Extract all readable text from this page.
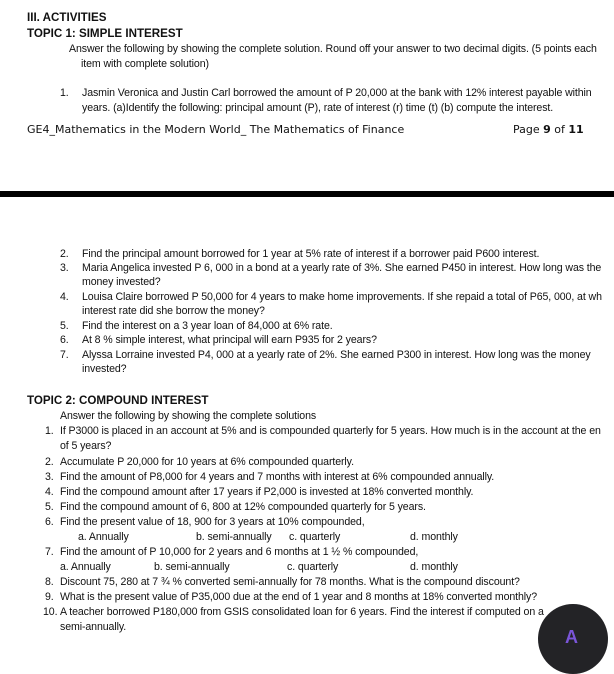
III. ACTIVITIES
TOPIC 1: SIMPLE INTEREST
Answer the following by showing the complete solution. Round off your answer to two decimal digits. (5 points each
item with complete solution)
1. Jasmin Veronica and Justin Carl borrowed the amount of P 20,000 at the bank with 12% interest payable within
years. (a)Identify the following: principal amount (P), rate of interest (r) time (t) (b) compute the interest.
GE4_Mathematics in the Modern World_ The Mathematics of Finance	Page 9 of 11
2. Find the principal amount borrowed for 1 year at 5% rate of interest if a borrower paid P600 interest.
3. Maria Angelica invested P 6, 000 in a bond at a yearly rate of 3%. She earned P450 in interest. How long was the
money invested?
4. Louisa Claire borrowed P 50,000 for 4 years to make home improvements. If she repaid a total of P65, 000, at wh
interest rate did she borrow the money?
5. Find the interest on a 3 year loan of 84,000 at 6% rate.
6. At 8 % simple interest, what principal will earn P935 for 2 years?
7. Alyssa Lorraine invested P4, 000 at a yearly rate of 2%. She earned P300 in interest. How long was the money
invested?
TOPIC 2: COMPOUND INTEREST
Answer the following by showing the complete solutions
1. If P3000 is placed in an account at 5% and is compounded quarterly for 5 years. How much is in the account at the en
of 5 years?
2. Accumulate P 20,000 for 10 years at 6% compounded quarterly.
3. Find the amount of P8,000 for 4 years and 7 months with interest at 6% compounded annually.
4. Find the compound amount after 17 years if P2,000 is invested at 18% converted monthly.
5. Find the compound amount of 6, 800 at 12% compounded quarterly for 5 years.
6. Find the present value of 18, 900 for 3 years at 10% compounded,
a. Annually	b. semi-annually c. quarterly	d. monthly
7. Find the amount of P 10,000 for 2 years and 6 months at 1 ½ % compounded,
a. Annually	b. semi-annually	c. quarterly	d. monthly
8. Discount 75, 280 at 7 ¾ % converted semi-annually for 78 months. What is the compound discount?
9. What is the present value of P35,000 due at the end of 1 year and 8 months at 18% converted monthly?
10. A teacher borrowed P180,000 from GSIS consolidated loan for 6 years. Find the interest if computed on a
semi-annually.	A
